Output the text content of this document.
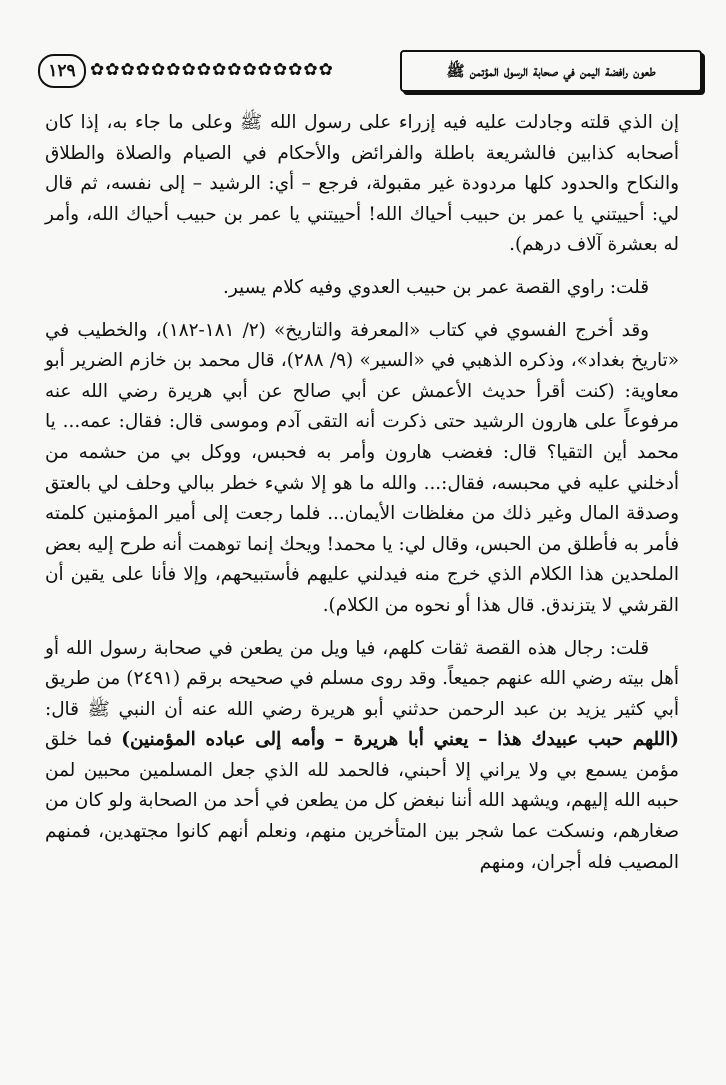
١٢٩ ✿✿✿✿✿✿✿✿✿✿✿✿✿✿✿✿	طعون رافضة اليمن في صحابة الرسول المؤتمن ﷺ

إن الذي قلته وجادلت عليه فيه إزراء على رسول الله ﷺ وعلى ما جاء به، إذا كان أصحابه كذابين فالشريعة باطلة والفرائض والأحكام في الصيام والصلاة والطلاق والنكاح والحدود كلها مردودة غير مقبولة، فرجع – أي: الرشيد – إلى نفسه، ثم قال لي: أحييتني يا عمر بن حبيب أحياك الله! أحييتني يا عمر بن حبيب أحياك الله، وأمر له بعشرة آلاف درهم).

قلت: راوي القصة عمر بن حبيب العدوي وفيه كلام يسير.

وقد أخرج الفسوي في كتاب «المعرفة والتاريخ» (٢/ ١٨١-١٨٢)، والخطيب في «تاريخ بغداد»، وذكره الذهبي في «السير» (٩/ ٢٨٨)، قال محمد بن خازم الضرير أبو معاوية: (كنت أقرأ حديث الأعمش عن أبي صالح عن أبي هريرة رضي الله عنه مرفوعاً على هارون الرشيد حتى ذكرت أنه التقى آدم وموسى قال: فقال: عمه... يا محمد أين التقيا؟ قال: فغضب هارون وأمر به فحبس، ووكل بي من حشمه من أدخلني عليه في محبسه، فقال:... والله ما هو إلا شيء خطر ببالي وحلف لي بالعتق وصدقة المال وغير ذلك من مغلظات الأيمان... فلما رجعت إلى أمير المؤمنين كلمته فأمر به فأطلق من الحبس، وقال لي: يا محمد! ويحك إنما توهمت أنه طرح إليه بعض الملحدين هذا الكلام الذي خرج منه فيدلني عليهم فأستبيحهم، وإلا فأنا على يقين أن القرشي لا يتزندق. قال هذا أو نحوه من الكلام).

قلت: رجال هذه القصة ثقات كلهم، فيا ويل من يطعن في صحابة رسول الله أو أهل بيته رضي الله عنهم جميعاً. وقد روى مسلم في صحيحه برقم (٢٤٩١) من طريق أبي كثير يزيد بن عبد الرحمن حدثني أبو هريرة رضي الله عنه أن النبي ﷺ قال: (اللهم حبب عبيدك هذا – يعني أبا هريرة – وأمه إلى عباده المؤمنين) فما خلق مؤمن يسمع بي ولا يراني إلا أحبني، فالحمد لله الذي جعل المسلمين محبين لمن حببه الله إليهم، ويشهد الله أننا نبغض كل من يطعن في أحد من الصحابة ولو كان من صغارهم، ونسكت عما شجر بين المتأخرين منهم، ونعلم أنهم كانوا مجتهدين، فمنهم المصيب فله أجران، ومنهم
